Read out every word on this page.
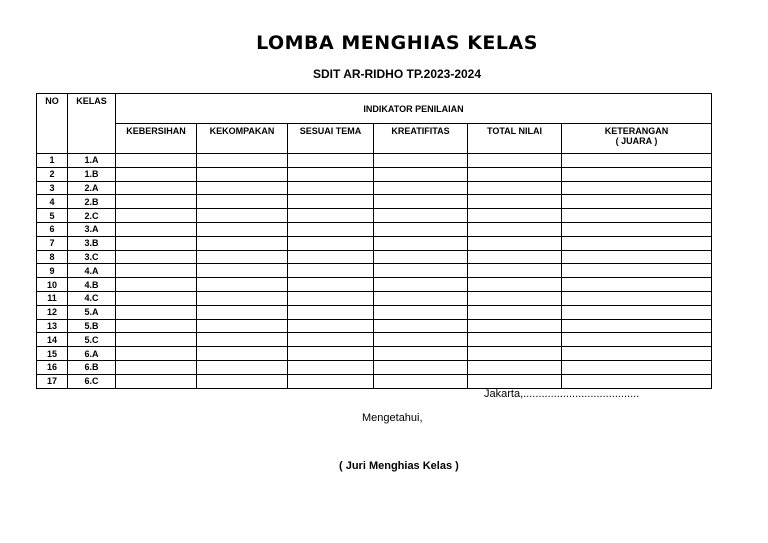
LOMBA MENGHIAS KELAS
SDIT AR-RIDHO TP.2023-2024
NO	KELAS	INDIKATOR PENILAIAN					
		KEBERSIHAN	KEKOMPAKAN	SESUAI TEMA	KREATIFITAS	TOTAL NILAI	KETERANGAN
( JUARA )

1	1.A						
2	1.B						
3	2.A						
4	2.B						
5	2.C						
6	3.A						
7	3.B						
8	3.C						
9	4.A						
10	4.B						
11	4.C						
12	5.A						
13	5.B						
14	5.C						
15	6.A						
16	6.B						
17	6.C						
Jakarta,......................................
Mengetahui,
( Juri Menghias Kelas )
